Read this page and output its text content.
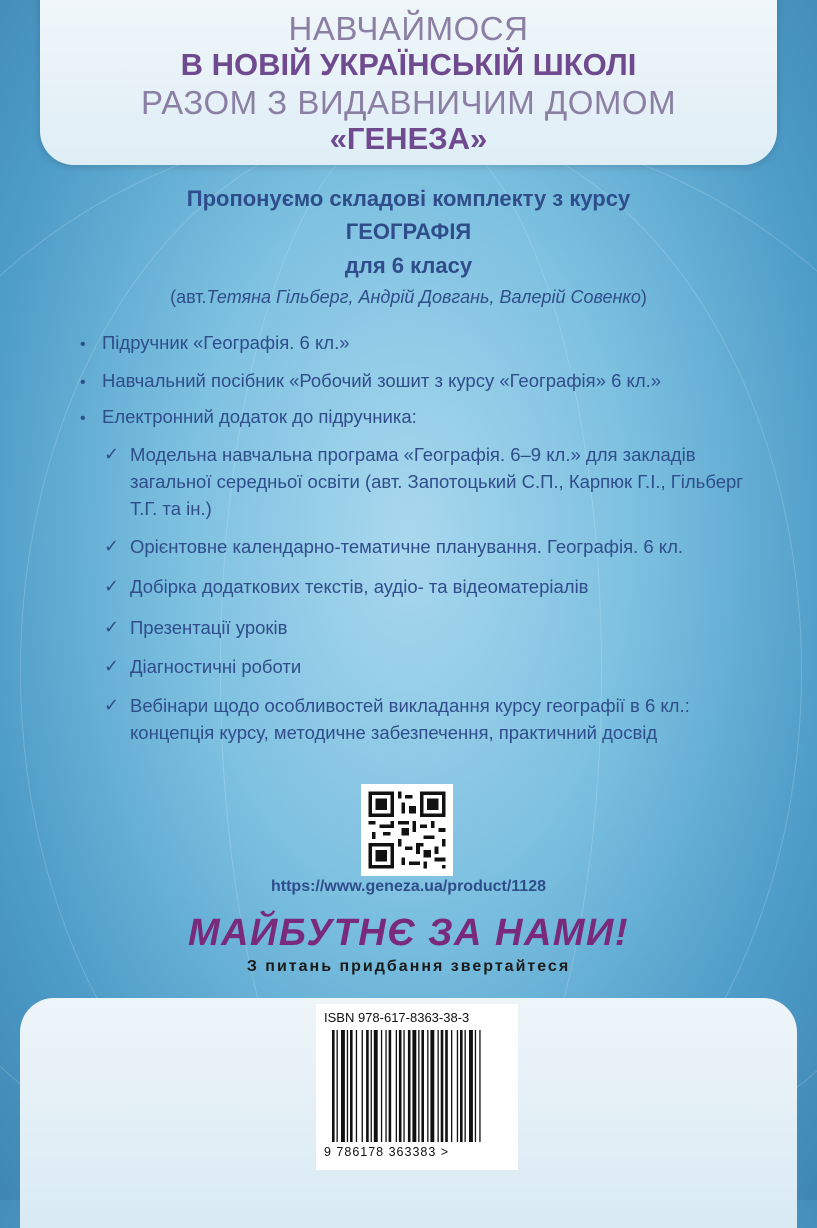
НАВЧАЙМОСЯ
В НОВІЙ УКРАЇНСЬКІЙ ШКОЛІ
РАЗОМ З ВИДАВНИЧИМ ДОМОМ
«ГЕНЕЗА»
Пропонуємо складові комплекту з курсу
ГЕОГРАФІЯ
для 6 класу
(авт.Тетяна Гільберг, Андрій Довгань, Валерій Совенко)
• Підручник «Географія. 6 кл.»
• Навчальний посібник «Робочий зошит з курсу «Географія» 6 кл.»
• Електронний додаток до підручника:
✓ Модельна навчальна програма «Географія. 6–9 кл.» для закладів загальної середньої освіти (авт. Запотоцький С.П., Карпюк Г.І., Гільберг Т.Г. та ін.)
✓ Орієнтовне календарно-тематичне планування. Географія. 6 кл.
✓ Добірка додаткових текстів, аудіо- та відеоматеріалів
✓ Презентації уроків
✓ Діагностичні роботи
✓ Вебінари щодо особливостей викладання курсу географії в 6 кл.: концепція курсу, методичне забезпечення, практичний досвід
https://www.geneza.ua/product/1128
МАЙБУТНЄ ЗА НАМИ!
З питань придбання звертайтеся
ISBN 978-617-8363-38-3
9 786178 363383 >
